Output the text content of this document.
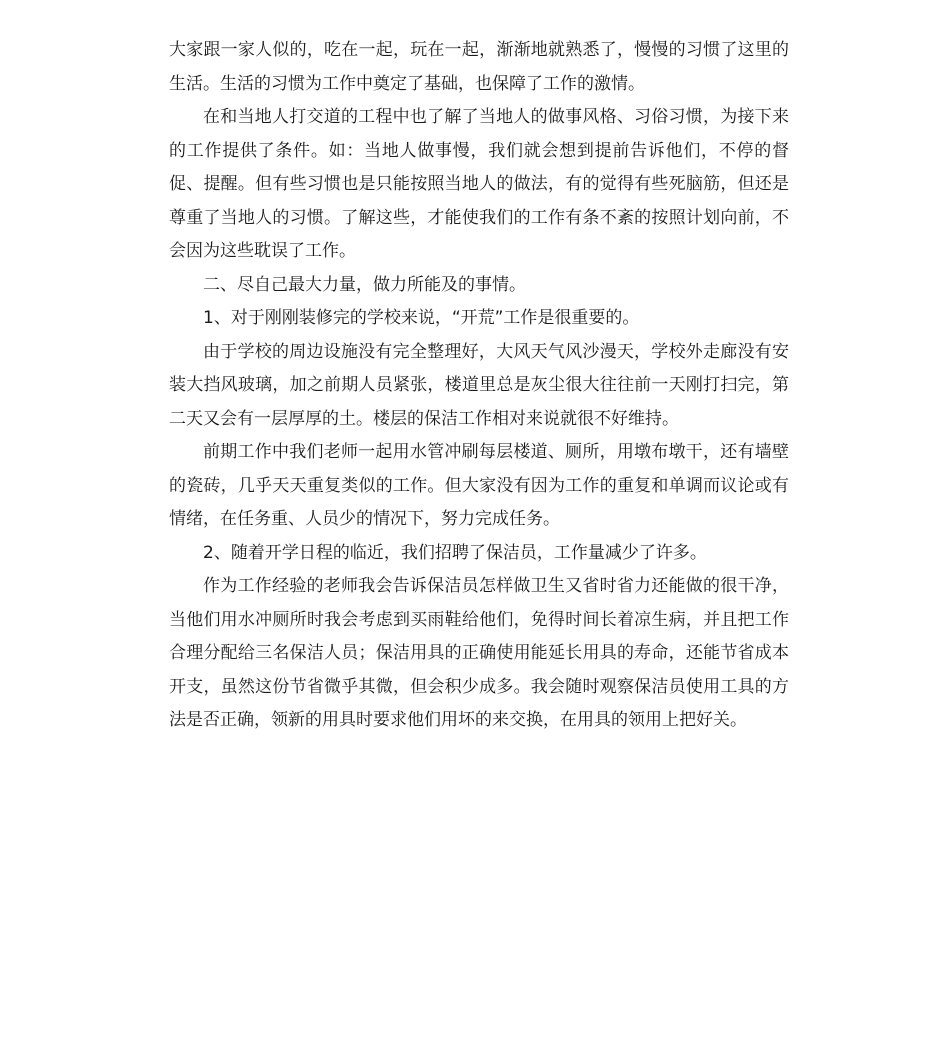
大家跟一家人似的，吃在一起，玩在一起，渐渐地就熟悉了，慢慢的习惯了这里的生活。生活的习惯为工作中奠定了基础，也保障了工作的激情。

在和当地人打交道的工程中也了解了当地人的做事风格、习俗习惯，为接下来的工作提供了条件。如：当地人做事慢，我们就会想到提前告诉他们，不停的督促、提醒。但有些习惯也是只能按照当地人的做法，有的觉得有些死脑筋，但还是尊重了当地人的习惯。了解这些，才能使我们的工作有条不紊的按照计划向前，不会因为这些耽误了工作。

二、尽自己最大力量，做力所能及的事情。

1、对于刚刚装修完的学校来说，“开荒”工作是很重要的。

由于学校的周边设施没有完全整理好，大风天气风沙漫天，学校外走廊没有安装大挡风玻璃，加之前期人员紧张，楼道里总是灰尘很大往往前一天刚打扫完，第二天又会有一层厚厚的土。楼层的保洁工作相对来说就很不好维持。

前期工作中我们老师一起用水管冲刷每层楼道、厕所，用墩布墩干，还有墙壁的瓷砖，几乎天天重复类似的工作。但大家没有因为工作的重复和单调而议论或有情绪，在任务重、人员少的情况下，努力完成任务。

2、随着开学日程的临近，我们招聘了保洁员，工作量减少了许多。

作为工作经验的老师我会告诉保洁员怎样做卫生又省时省力还能做的很干净，当他们用水冲厕所时我会考虑到买雨鞋给他们，免得时间长着凉生病，并且把工作合理分配给三名保洁人员；保洁用具的正确使用能延长用具的寿命，还能节省成本开支，虽然这份节省微乎其微，但会积少成多。我会随时观察保洁员使用工具的方法是否正确，领新的用具时要求他们用坏的来交换，在用具的领用上把好关。
